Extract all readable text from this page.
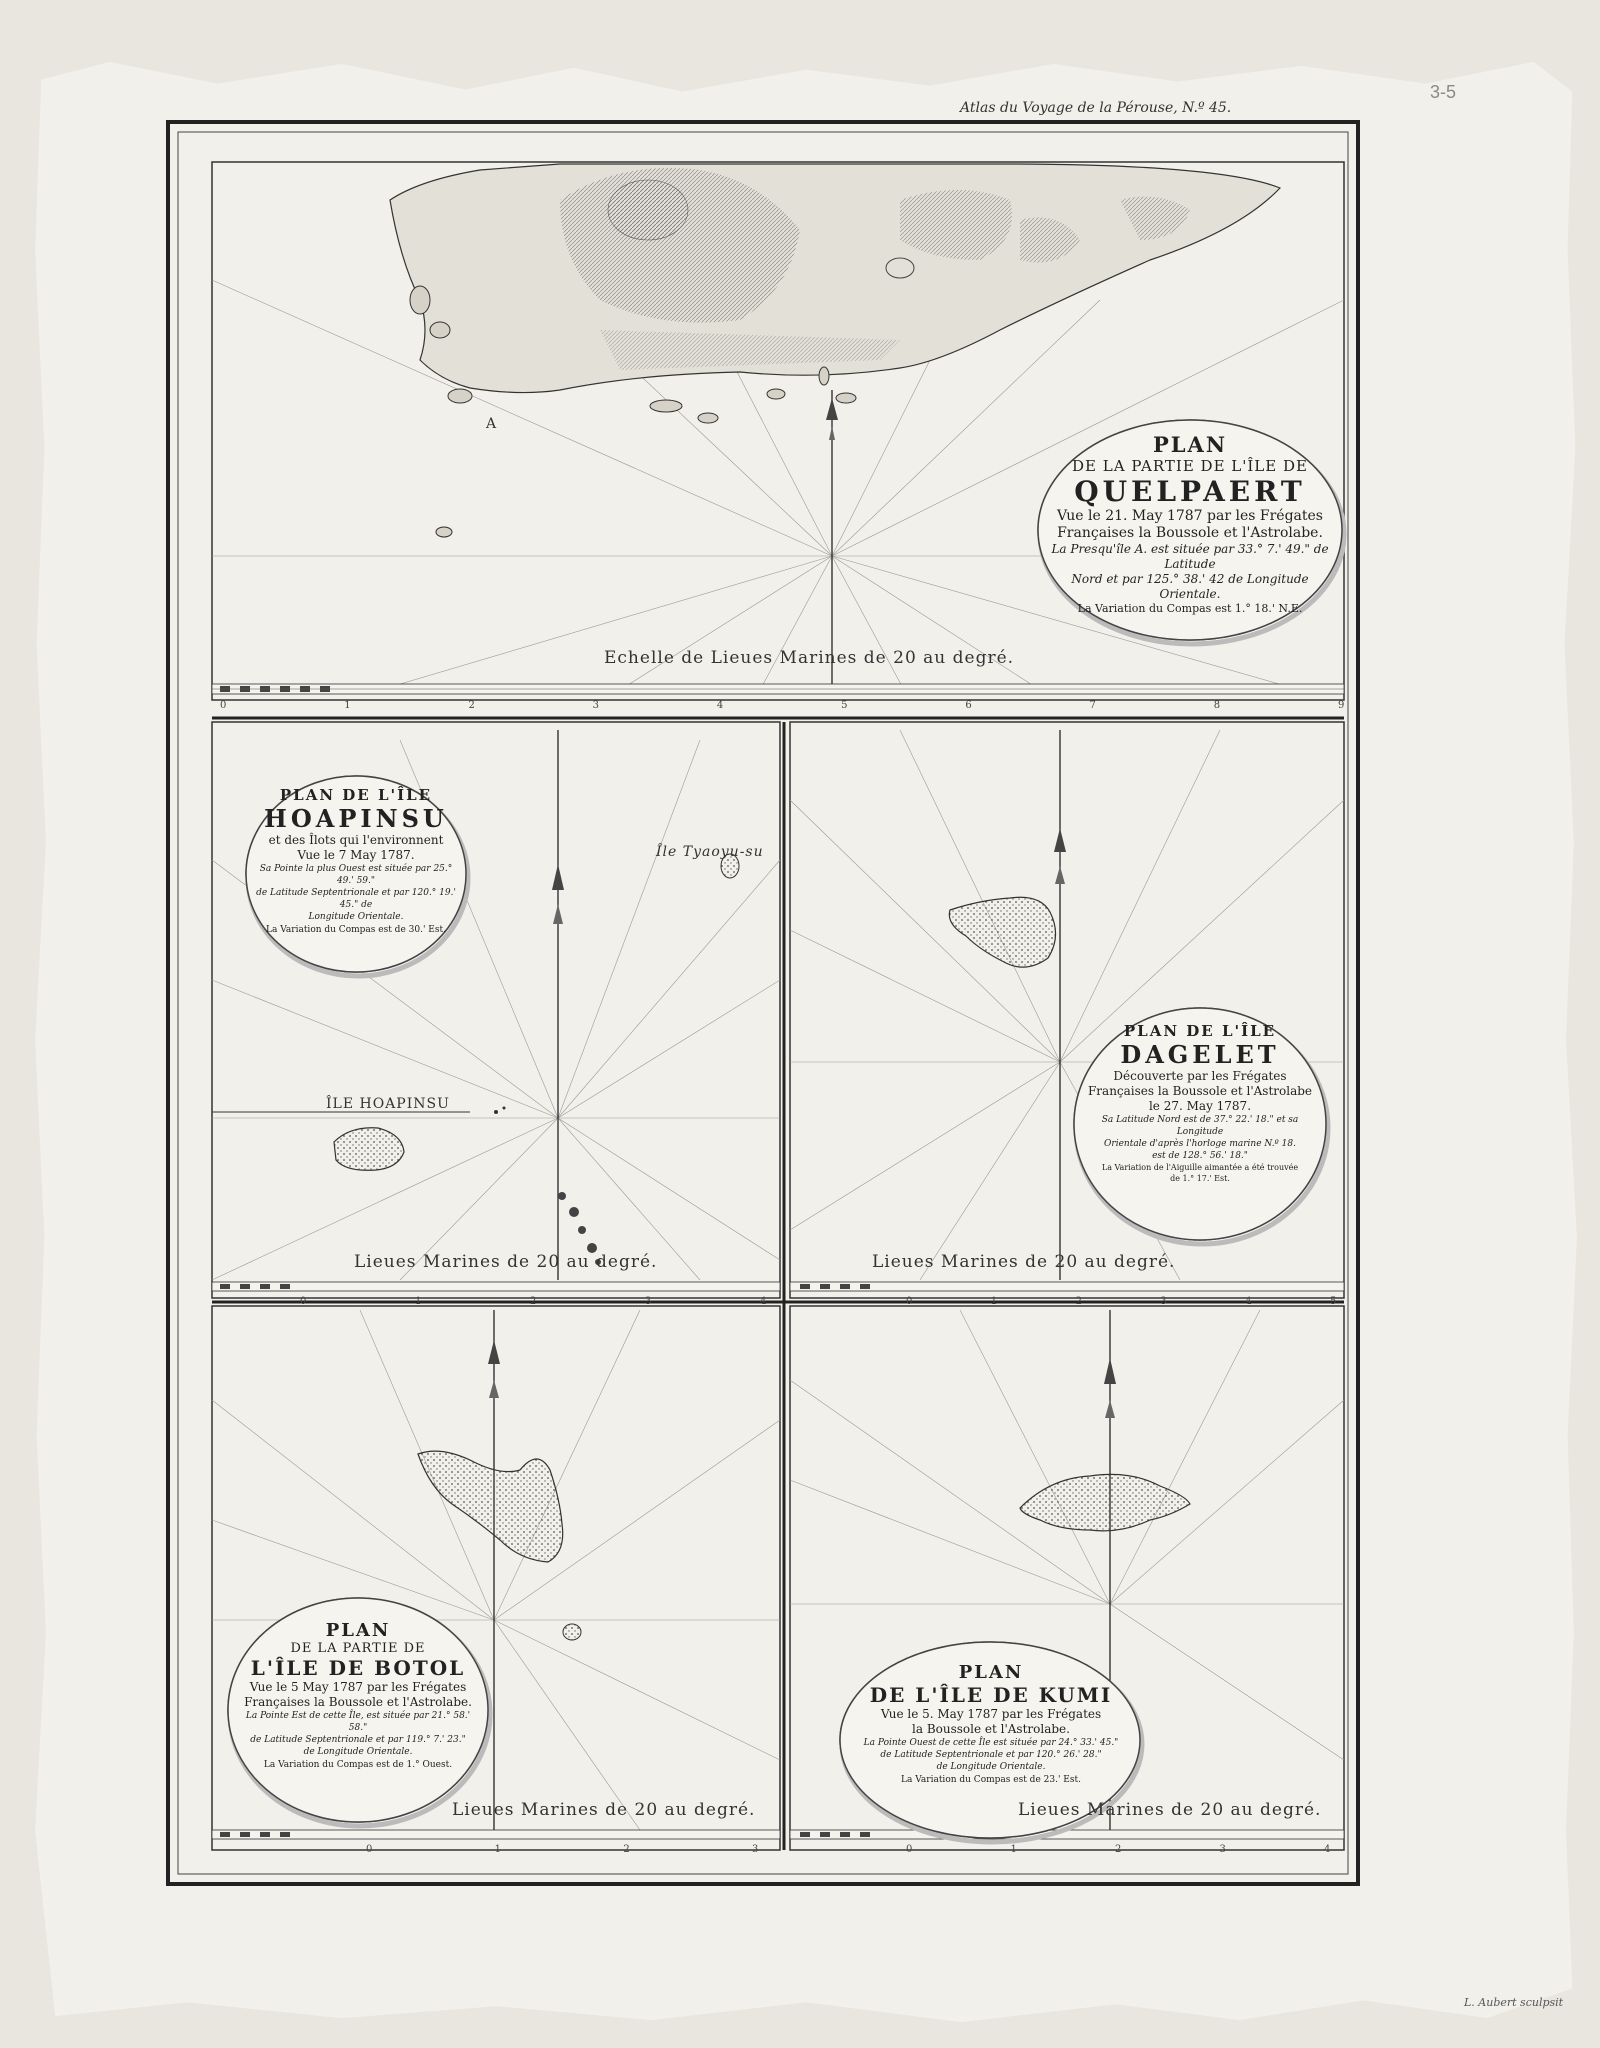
Atlas du Voyage de la Pérouse, N.º 45.
3-5
PLAN
DE LA PARTIE DE L'ÎLE DE
QUELPAERT
Vue le 21. May 1787 par les Frégates
Françaises la Boussole et l'Astrolabe.
La Presqu'île A. est située par 33.° 7.' 49." de Latitude
Nord et par 125.° 38.' 42 de Longitude Orientale.
La Variation du Compas est 1.° 18.' N.E.
A
Echelle de Lieues Marines de 20 au degré.
PLAN DE L'ÎLE
HOAPINSU
et des Îlots qui l'environnent
Vue le 7 May 1787.
Sa Pointe la plus Ouest est située par 25.° 49.' 59."
de Latitude Septentrionale et par 120.° 19.' 45." de
Longitude Orientale.
La Variation du Compas est de 30.' Est.
ÎLE HOAPINSU
Île Tyaoyu-su
Lieues Marines de 20 au degré.
PLAN DE L'ÎLE
DAGELET
Découverte par les Frégates
Françaises la Boussole et l'Astrolabe
le 27. May 1787.
Sa Latitude Nord est de 37.° 22.' 18." et sa Longitude
Orientale d'après l'horloge marine N.º 18.
est de 128.° 56.' 18."
La Variation de l'Aiguille aimantée a été trouvée
de 1.° 17.' Est.
Lieues Marines de 20 au degré.
PLAN
DE LA PARTIE DE
L'ÎLE DE BOTOL
Vue le 5 May 1787 par les Frégates
Françaises la Boussole et l'Astrolabe.
La Pointe Est de cette Île, est située par 21.° 58.' 58."
de Latitude Septentrionale et par 119.° 7.' 23."
de Longitude Orientale.
La Variation du Compas est de 1.° Ouest.
Lieues Marines de 20 au degré.
PLAN
DE L'ÎLE DE KUMI
Vue le 5. May 1787 par les Frégates
la Boussole et l'Astrolabe.
La Pointe Ouest de cette Île est située par 24.° 33.' 45."
de Latitude Septentrionale et par 120.° 26.' 28."
de Longitude Orientale.
La Variation du Compas est de 23.' Est.
Lieues Marines de 20 au degré.
0	1	2	3	4	5	6	7	8	9
0	1	2	3	4	0	1	2	3	4	5
0	1	2	3	0	1	2	3	4
L. Aubert sculpsit
